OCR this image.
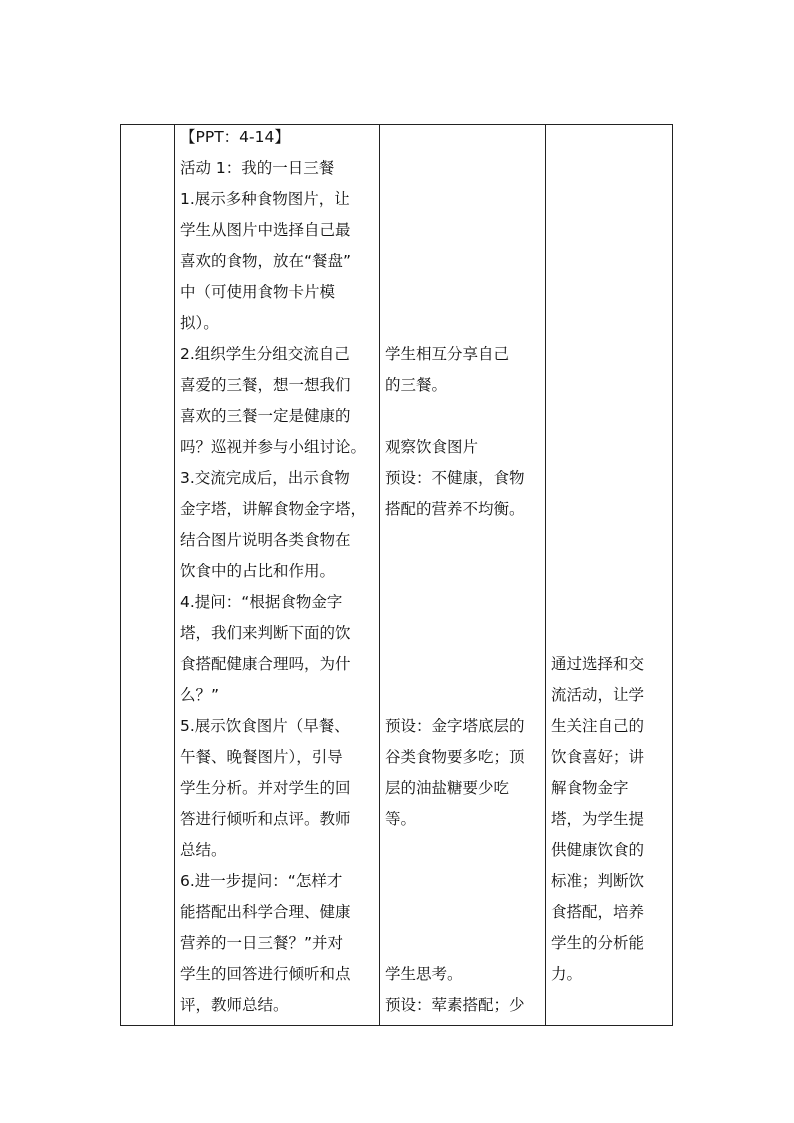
【PPT：4-14】
活动 1：我的一日三餐
1.展示多种食物图片，让
学生从图片中选择自己最
喜欢的食物，放在“餐盘”
中（可使用食物卡片模
拟）。
2.组织学生分组交流自己
喜爱的三餐，想一想我们
喜欢的三餐一定是健康的
吗？巡视并参与小组讨论。
3.交流完成后，出示食物
金字塔，讲解食物金字塔，
结合图片说明各类食物在
饮食中的占比和作用。
4.提问：“根据食物金字
塔，我们来判断下面的饮
食搭配健康合理吗，为什
么？”
5.展示饮食图片（早餐、
午餐、晚餐图片），引导
学生分析。并对学生的回
答进行倾听和点评。教师
总结。
6.进一步提问：“怎样才
能搭配出科学合理、健康
营养的一日三餐？”并对
学生的回答进行倾听和点
评，教师总结。
学生相互分享自己
的三餐。
观察饮食图片
预设：不健康，食物
搭配的营养不均衡。
预设：金字塔底层的
谷类食物要多吃；顶
层的油盐糖要少吃
等。
学生思考。
预设：荤素搭配；少
通过选择和交
流活动，让学
生关注自己的
饮食喜好；讲
解食物金字
塔，为学生提
供健康饮食的
标准；判断饮
食搭配，培养
学生的分析能
力。
